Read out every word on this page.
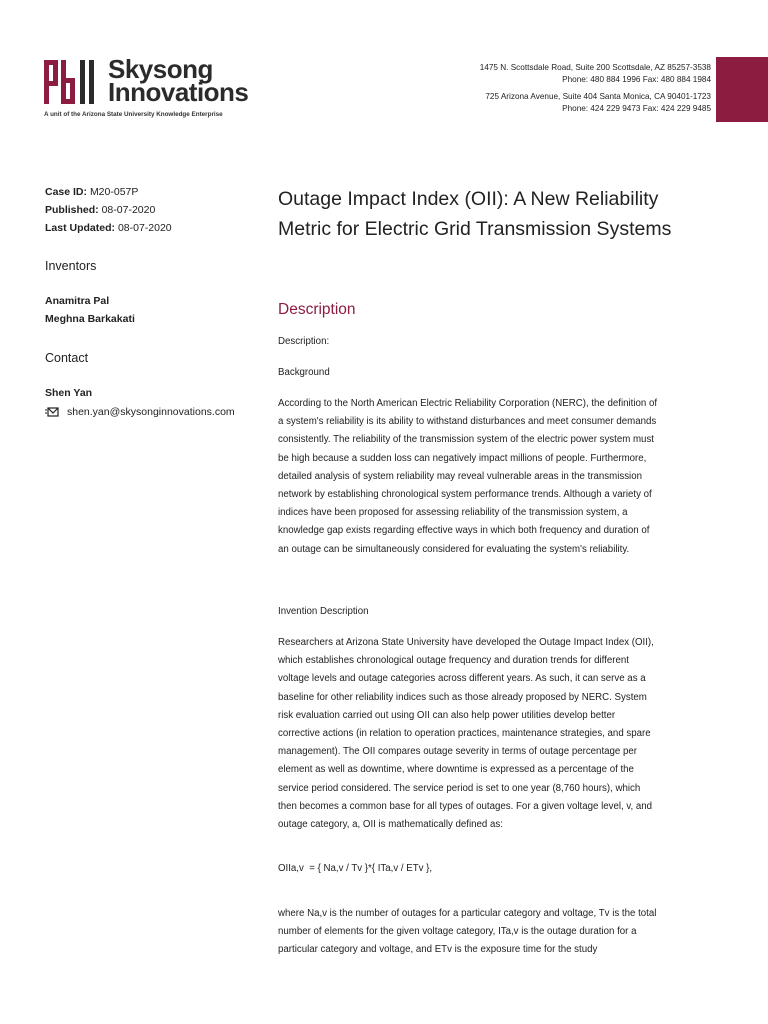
Skysong
Innovations
A unit of the Arizona State University Knowledge Enterprise
1475 N. Scottsdale Road, Suite 200 Scottsdale, AZ 85257-3538
Phone: 480 884 1996 Fax: 480 884 1984
725 Arizona Avenue, Suite 404 Santa Monica, CA 90401-1723
Phone: 424 229 9473 Fax: 424 229 9485
Case ID: M20-057P
Published: 08-07-2020
Last Updated: 08-07-2020
Inventors
Anamitra Pal
Meghna Barkakati
Contact
Shen Yan
shen.yan@skysonginnovations.com
Outage Impact Index (OII): A New Reliability Metric for Electric Grid Transmission Systems
Description
Description:
Background
According to the North American Electric Reliability Corporation (NERC), the definition of a system's reliability is its ability to withstand disturbances and meet consumer demands consistently. The reliability of the transmission system of the electric power system must be high because a sudden loss can negatively impact millions of people. Furthermore, detailed analysis of system reliability may reveal vulnerable areas in the transmission network by establishing chronological system performance trends. Although a variety of indices have been proposed for assessing reliability of the transmission system, a knowledge gap exists regarding effective ways in which both frequency and duration of an outage can be simultaneously considered for evaluating the system's reliability.
Invention Description
Researchers at Arizona State University have developed the Outage Impact Index (OII), which establishes chronological outage frequency and duration trends for different voltage levels and outage categories across different years. As such, it can serve as a baseline for other reliability indices such as those already proposed by NERC. System risk evaluation carried out using OII can also help power utilities develop better corrective actions (in relation to operation practices, maintenance strategies, and spare management). The OII compares outage severity in terms of outage percentage per element as well as downtime, where downtime is expressed as a percentage of the service period considered. The service period is set to one year (8,760 hours), which then becomes a common base for all types of outages. For a given voltage level, v, and outage category, a, OII is mathematically defined as:
OIIa,v  = { Na,v / Tv }*{ ITa,v / ETv },
where Na,v is the number of outages for a particular category and voltage, Tv is the total number of elements for the given voltage category, ITa,v is the outage duration for a particular category and voltage, and ETv is the exposure time for the study
